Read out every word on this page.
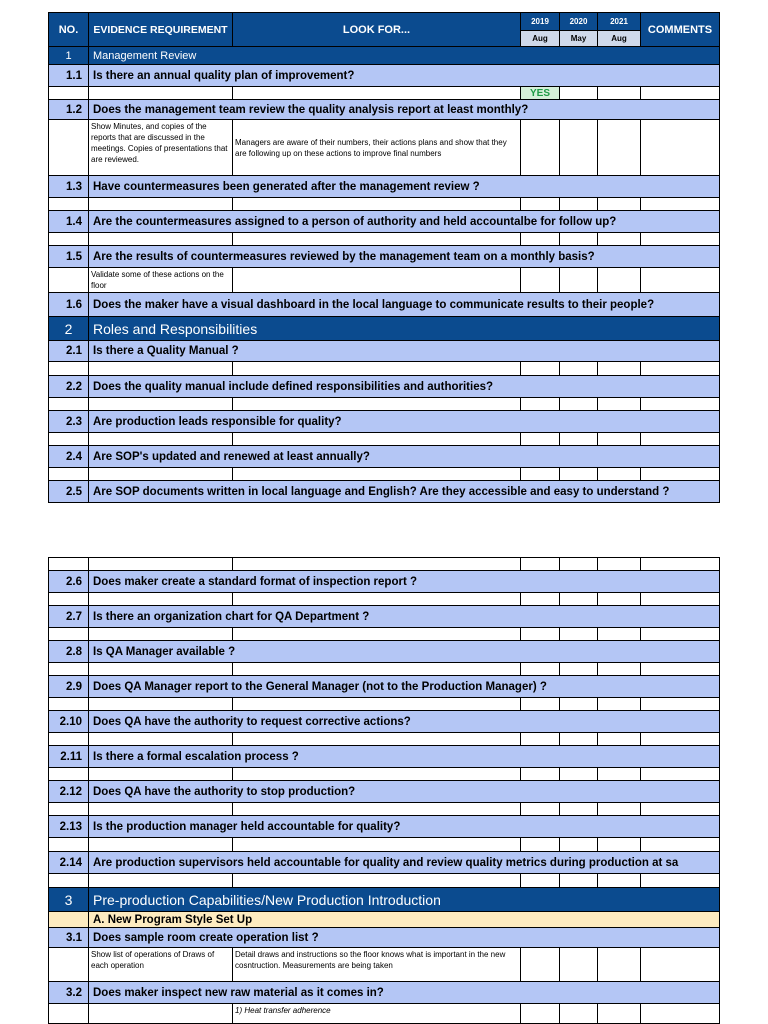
NO.	EVIDENCE REQUIREMENT	LOOK FOR...	2019	2020	2021	COMMENTS
			Aug	May	Aug	
1	Management Review					
1.1	Is there an annual quality plan of improvement?					
			YES			
1.2	Does the management team review the quality analysis report at least monthly?					
	Show Minutes, and copies of the reports that are discussed in the meetings. Copies of presentations that are reviewed.	Managers are aware of their numbers, their actions plans and show that they are following up on these actions to improve final numbers				
1.3	Have countermeasures been generated after the management review ?					

1.4	Are the countermeasures assigned to a person of authority and held accountalbe for follow up?					

1.5	Are the results of countermeasures reviewed by the management team on a monthly basis?					
	Validate some of these actions on the floor					
1.6	Does the maker have a visual dashboard in the local language to communicate results to their people?					
2	Roles and Responsibilities					
2.1	Is there a Quality Manual ?					

2.2	Does the quality manual include defined responsibilities and authorities?					

2.3	Are production leads responsible for quality?					

2.4	Are SOP's updated and renewed at least annually?					

2.5	Are SOP documents written in local language and English? Are they accessible and easy to understand ?					

2.6	Does maker create a standard format of inspection report ?					

2.7	Is there an organization chart for QA Department ?					

2.8	Is QA Manager available ?					

2.9	Does QA Manager report to the General Manager (not to the Production Manager) ?					

2.10	Does QA have the authority to request corrective actions?					

2.11	Is there a formal escalation process ?					

2.12	Does QA have the authority to stop production?					

2.13	Is the production manager held accountable for quality?					

2.14	Are production supervisors held accountable for quality and review quality metrics during production at sa					

3	Pre-production Capabilities/New Production Introduction					
	A. New Program Style Set Up					
3.1	Does sample room create operation list ?					
	Show list of operations of Draws of each operation	Detail draws and instructions so the floor knows what is important in the new cosntruction. Measurements are being taken				
3.2	Does maker inspect new raw material as it comes in?					
		1) Heat transfer adherence				
